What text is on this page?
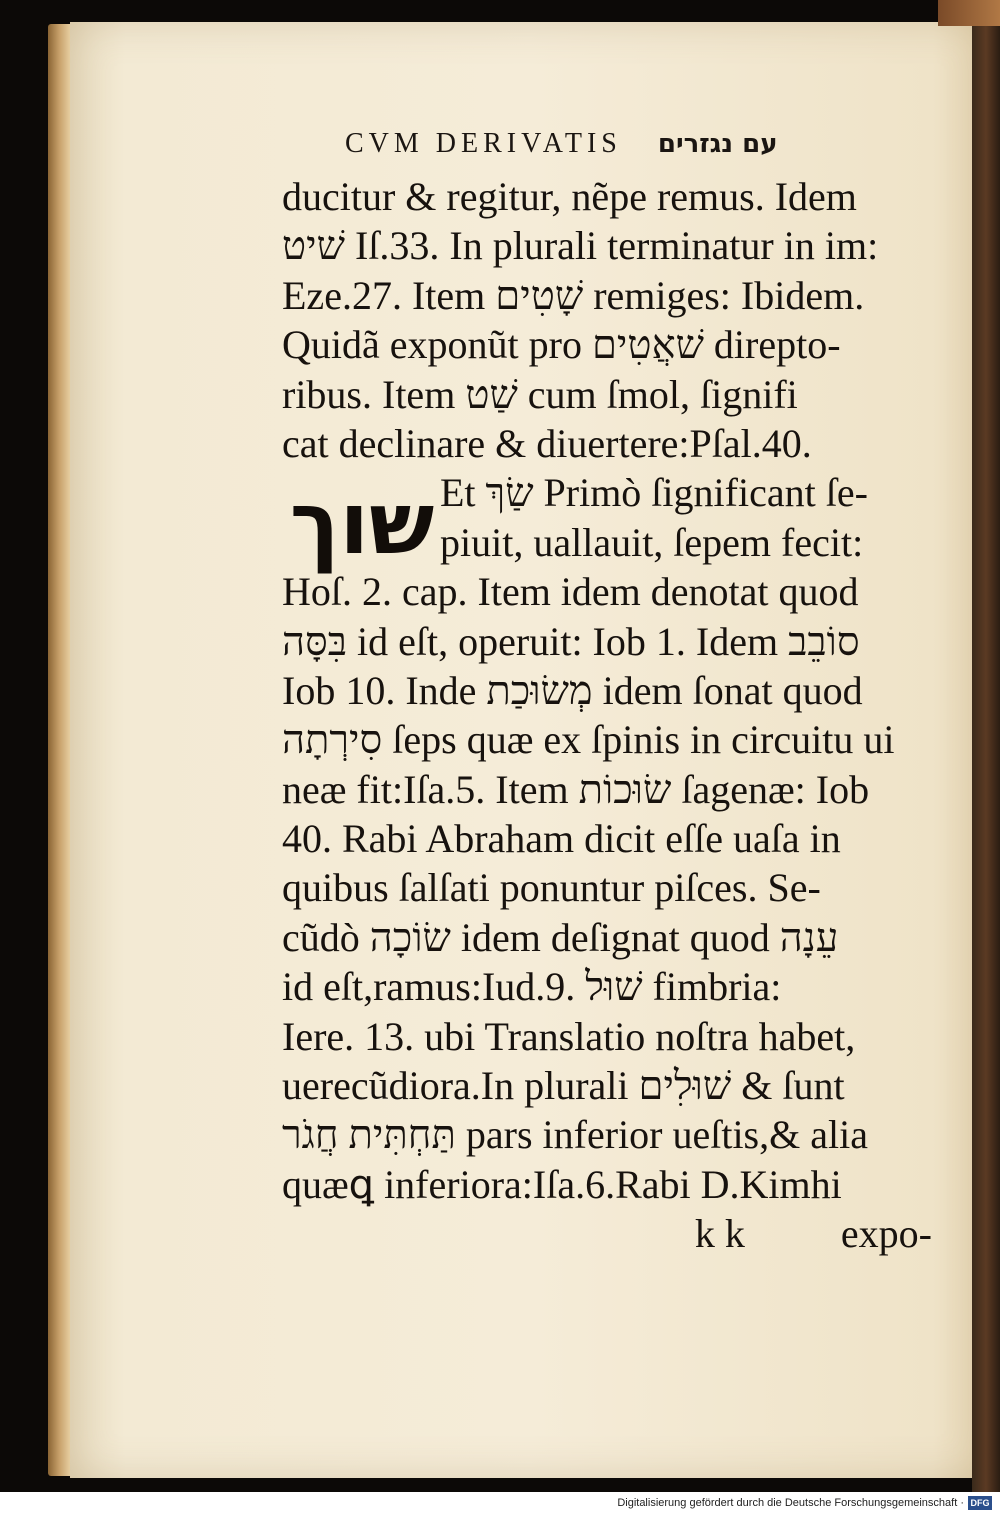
CVM DERIVATIS עם נגזרים
שוך
ducitur & regitur, nẽpe remus. Idem
שׁיט Iſ.33. In plurali terminatur in im:
Eze.27. Item שָׁטִים remiges: Ibidem.
Quidã exponũt pro שׁאֲטִים direpto-
ribus. Item שַׁט cum ſmol, ſignifi
cat declinare & diuertere:Pſal.40.
Et שַׂךְ Primò ſignificant ſe-
piuit, uallauit, ſepem fecit:
Hoſ. 2. cap. Item idem denotat quod
בִּסָּה id eſt, operuit: Iob 1. Idem סוֹבֵב
Iob 10. Inde מְשׂוּכַת idem ſonat quod
סִירְתָה ſeps quæ ex ſpinis in circuitu ui
neæ fit:Iſa.5. Item שׂוּכוֹת ſagenæ: Iob
40. Rabi Abraham dicit eſſe uaſa in
quibus ſalſati ponuntur piſces. Se-
cũdò שׂוֹכָה idem deſignat quod עֵנָה
id eſt,ramus:Iud.9. שׁוּל fimbria:
Iere. 13. ubi Translatio noſtra habet,
uerecũdiora.In plurali שׁוּלִים & ſunt
תַּחְתִּית חֲגֹר pars inferior ueſtis,& alia
quæꝗ inferiora:Iſa.6.Rabi D.Kimhi
k k expo-
Digitalisierung gefördert durch die Deutsche Forschungsgemeinschaft · DFG
